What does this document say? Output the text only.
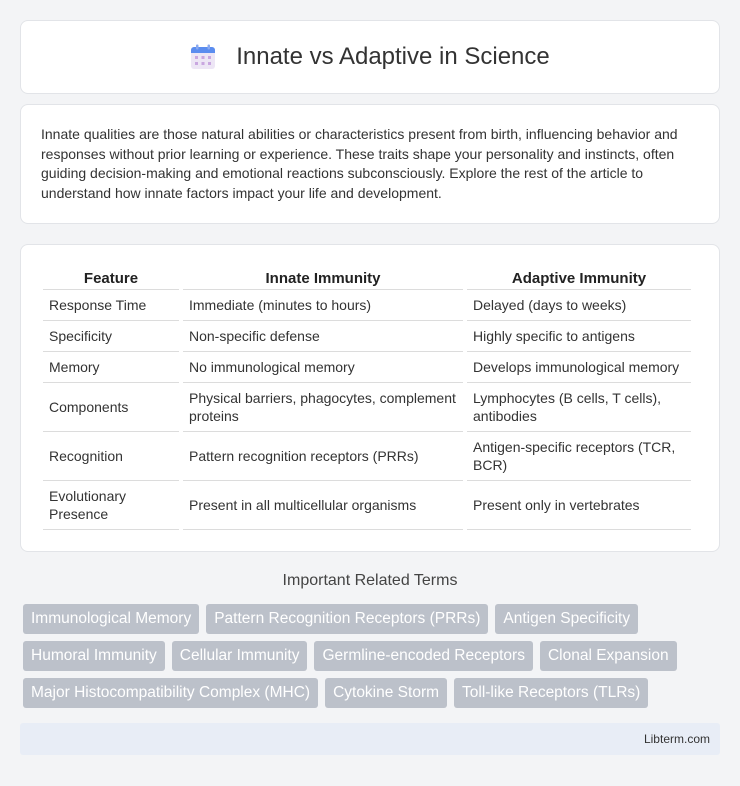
Innate vs Adaptive in Science

Innate qualities are those natural abilities or characteristics present from birth, influencing behavior and responses without prior learning or experience. These traits shape your personality and instincts, often guiding decision-making and emotional reactions subconsciously. Explore the rest of the article to understand how innate factors impact your life and development.

Feature	Innate Immunity	Adaptive Immunity
Response Time	Immediate (minutes to hours)	Delayed (days to weeks)
Specificity	Non-specific defense	Highly specific to antigens
Memory	No immunological memory	Develops immunological memory
Components	Physical barriers, phagocytes, complement proteins	Lymphocytes (B cells, T cells), antibodies
Recognition	Pattern recognition receptors (PRRs)	Antigen-specific receptors (TCR, BCR)
Evolutionary Presence	Present in all multicellular organisms	Present only in vertebrates
Important Related Terms
Immunological Memory	Pattern Recognition Receptors (PRRs)	Antigen Specificity
Humoral Immunity	Cellular Immunity	Germline-encoded Receptors	Clonal Expansion
Major Histocompatibility Complex (MHC)	Cytokine Storm	Toll-like Receptors (TLRs)
Libterm.com
